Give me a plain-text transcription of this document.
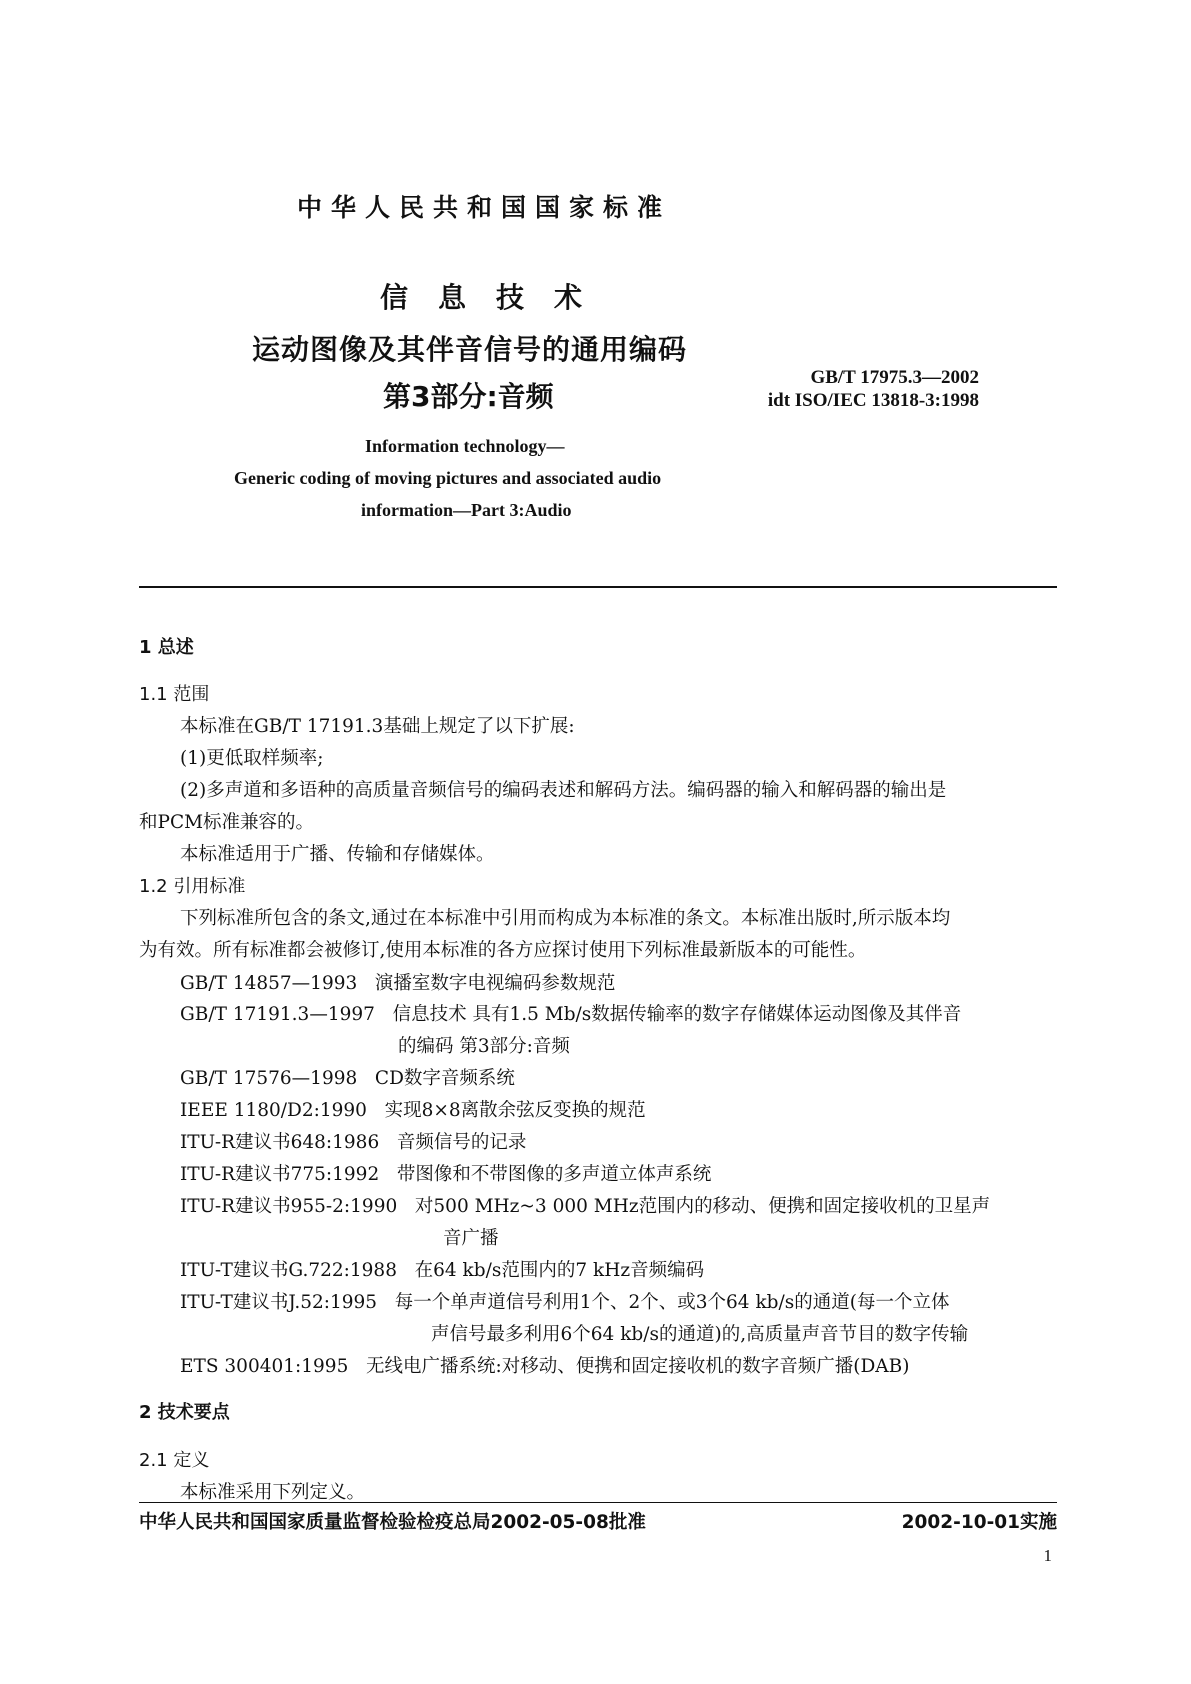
中华人民共和国国家标准
信息技术
运动图像及其伴音信号的通用编码
第3部分:音频
GB/T 17975.3—2002
idt ISO/IEC 13818-3:1998
Information technology—
Generic coding of moving pictures and associated audio
information—Part 3:Audio
1 总述
1.1 范围
本标准在GB/T 17191.3基础上规定了以下扩展:
(1)更低取样频率;
(2)多声道和多语种的高质量音频信号的编码表述和解码方法。编码器的输入和解码器的输出是
和PCM标准兼容的。
本标准适用于广播、传输和存储媒体。
1.2 引用标准
下列标准所包含的条文,通过在本标准中引用而构成为本标准的条文。本标准出版时,所示版本均
为有效。所有标准都会被修订,使用本标准的各方应探讨使用下列标准最新版本的可能性。
GB/T 14857—1993 演播室数字电视编码参数规范
GB/T 17191.3—1997 信息技术 具有1.5 Mb/s数据传输率的数字存储媒体运动图像及其伴音
的编码 第3部分:音频
GB/T 17576—1998 CD数字音频系统
IEEE 1180/D2:1990 实现8×8离散余弦反变换的规范
ITU-R建议书648:1986 音频信号的记录
ITU-R建议书775:1992 带图像和不带图像的多声道立体声系统
ITU-R建议书955-2:1990 对500 MHz~3 000 MHz范围内的移动、便携和固定接收机的卫星声
音广播
ITU-T建议书G.722:1988 在64 kb/s范围内的7 kHz音频编码
ITU-T建议书J.52:1995 每一个单声道信号利用1个、2个、或3个64 kb/s的通道(每一个立体
声信号最多利用6个64 kb/s的通道)的,高质量声音节目的数字传输
ETS 300401:1995 无线电广播系统:对移动、便携和固定接收机的数字音频广播(DAB)
2 技术要点
2.1 定义
本标准采用下列定义。
中华人民共和国国家质量监督检验检疫总局2002-05-08批准	2002-10-01实施
1
